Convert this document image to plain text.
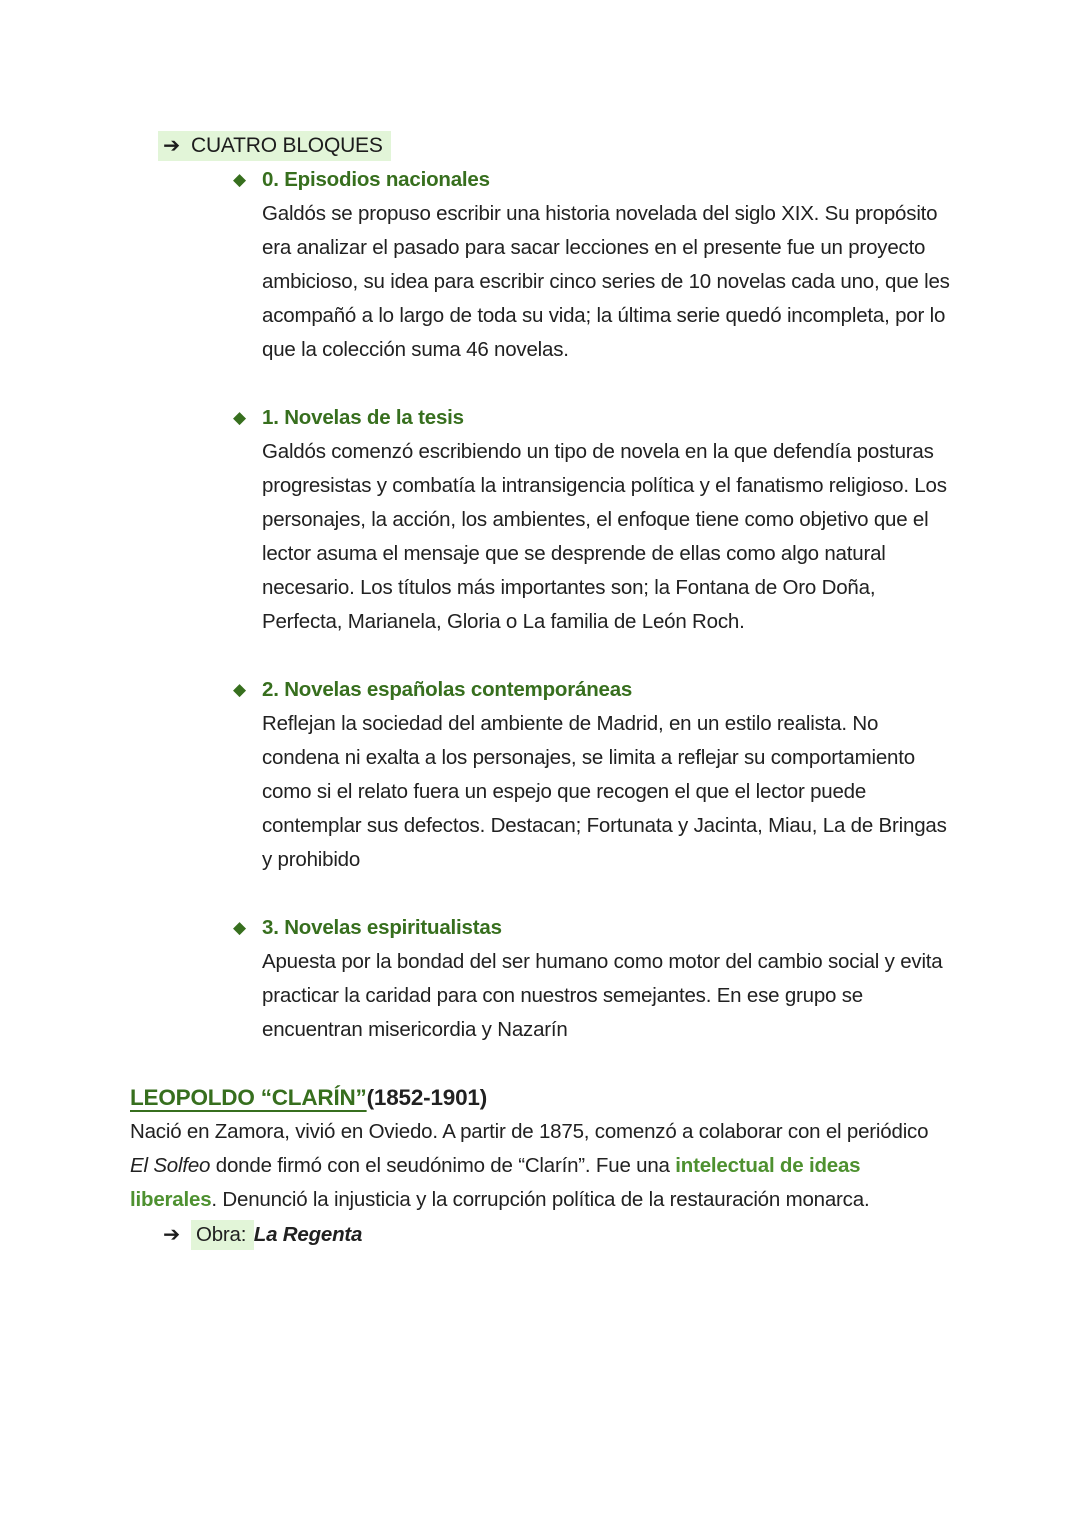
➔ CUATRO BLOQUES
◆ 0. Episodios nacionales

Galdós se propuso escribir una historia novelada del siglo XIX. Su propósito era analizar el pasado para sacar lecciones en el presente fue un proyecto ambicioso, su idea para escribir cinco series de 10 novelas cada uno, que les acompañó a lo largo de toda su vida; la última serie quedó incompleta, por lo que la colección suma 46 novelas.

◆ 1. Novelas de la tesis

Galdós comenzó escribiendo un tipo de novela en la que defendía posturas progresistas y combatía la intransigencia política y el fanatismo religioso. Los personajes, la acción, los ambientes, el enfoque tiene como objetivo que el lector asuma el mensaje que se desprende de ellas como algo natural necesario. Los títulos más importantes son; la Fontana de Oro Doña, Perfecta, Marianela, Gloria o La familia de León Roch.

◆ 2. Novelas españolas contemporáneas

Reflejan la sociedad del ambiente de Madrid, en un estilo realista. No condena ni exalta a los personajes, se limita a reflejar su comportamiento como si el relato fuera un espejo que recogen el que el lector puede contemplar sus defectos. Destacan; Fortunata y Jacinta, Miau, La de Bringas y prohibido

◆ 3. Novelas espiritualistas

Apuesta por la bondad del ser humano como motor del cambio social y evita practicar la caridad para con nuestros semejantes. En ese grupo se encuentran misericordia y Nazarín

LEOPOLDO “CLARÍN”(1852-1901)

Nació en Zamora, vivió en Oviedo. A partir de 1875, comenzó a colaborar con el periódico El Solfeo donde firmó con el seudónimo de “Clarín”. Fue una intelectual de ideas liberales. Denunció la injusticia y la corrupción política de la restauración monarca.

➔ Obra: La Regenta
